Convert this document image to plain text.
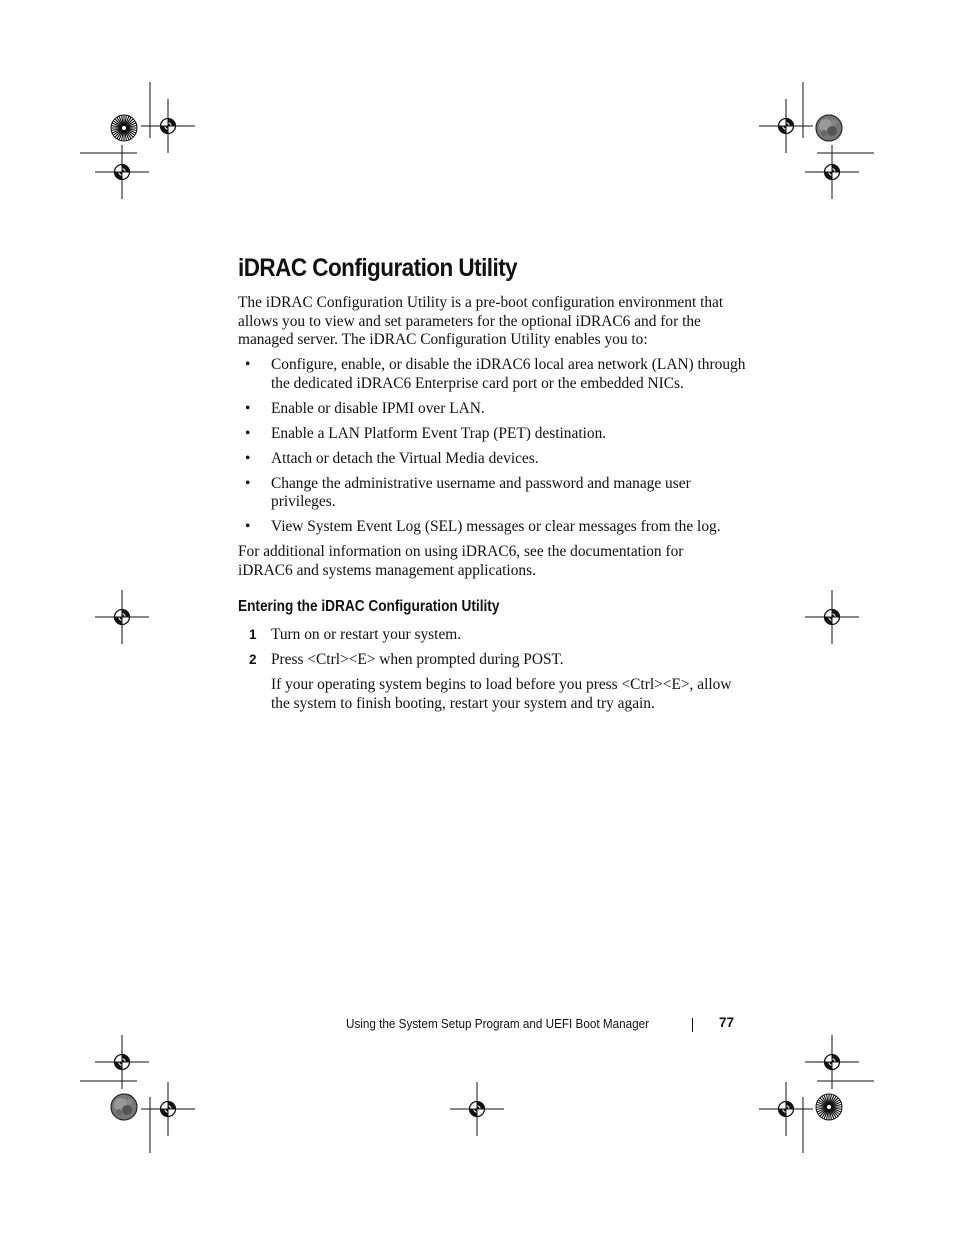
iDRAC Configuration Utility

The iDRAC Configuration Utility is a pre-boot configuration environment that allows you to view and set parameters for the optional iDRAC6 and for the managed server. The iDRAC Configuration Utility enables you to:

• Configure, enable, or disable the iDRAC6 local area network (LAN) through the dedicated iDRAC6 Enterprise card port or the embedded NICs.
• Enable or disable IPMI over LAN.
• Enable a LAN Platform Event Trap (PET) destination.
• Attach or detach the Virtual Media devices.
• Change the administrative username and password and manage user privileges.
• View System Event Log (SEL) messages or clear messages from the log.

For additional information on using iDRAC6, see the documentation for iDRAC6 and systems management applications.

Entering the iDRAC Configuration Utility
1 Turn on or restart your system.
2 Press <Ctrl><E> when prompted during POST.

If your operating system begins to load before you press <Ctrl><E>, allow the system to finish booting, restart your system and try again.

Using the System Setup Program and UEFI Boot Manager	77
